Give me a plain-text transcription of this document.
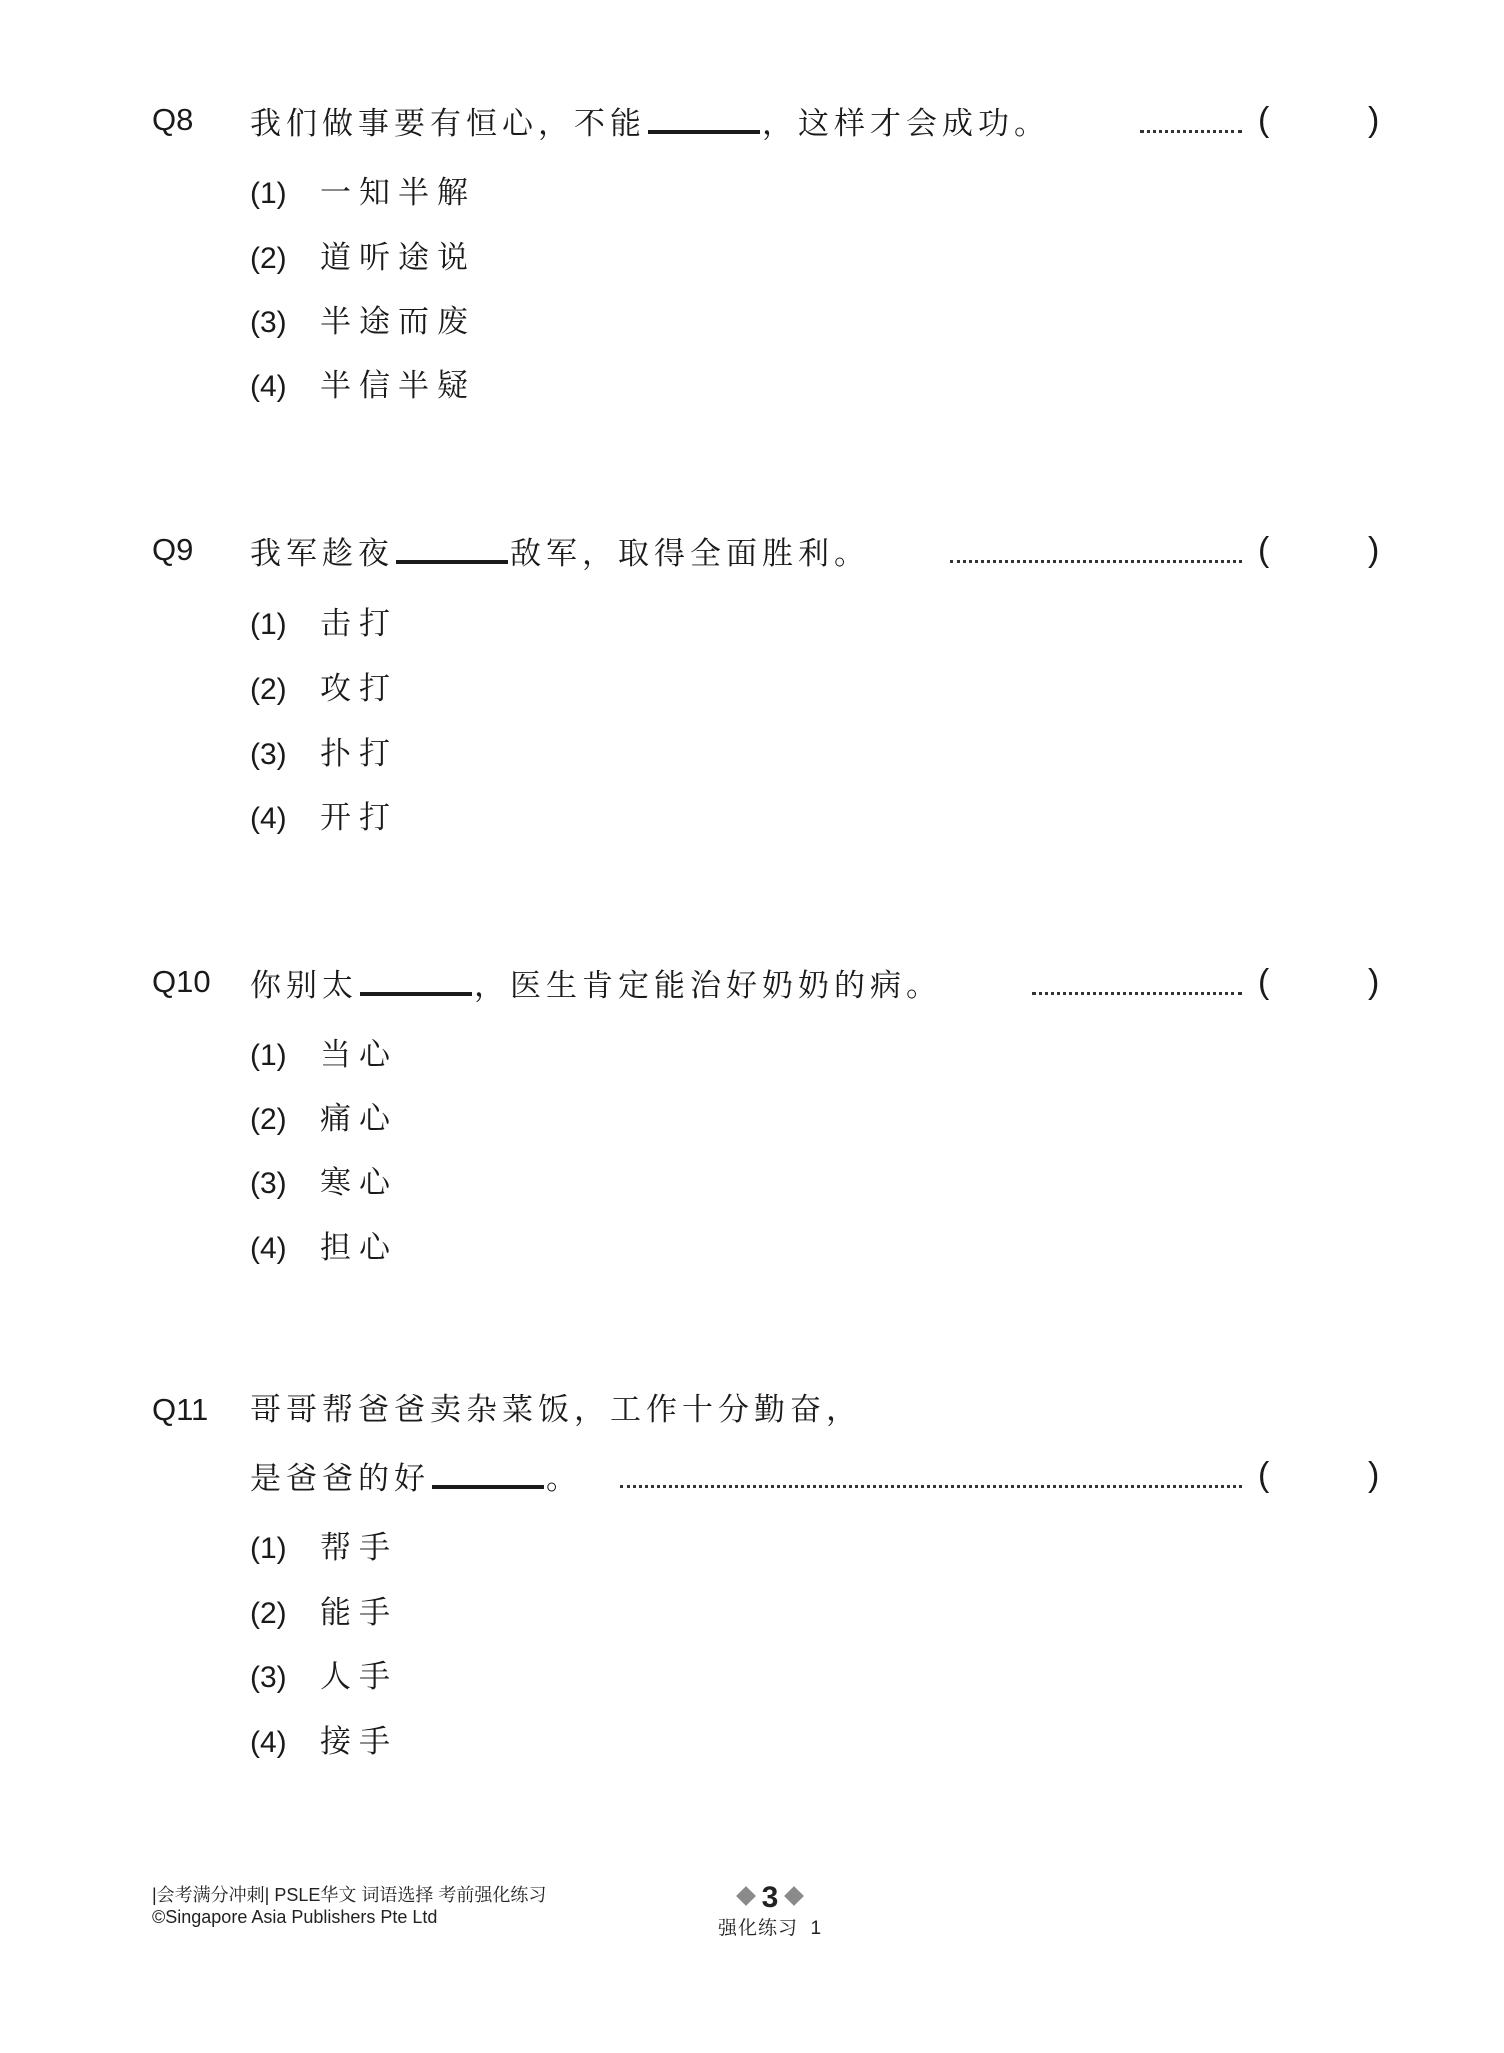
Q8 我们做事要有恒心，不能	，这样才会成功。	(	)
(1) 一知半解
(2) 道听途说
(3) 半途而废
(4) 半信半疑
Q9 我军趁夜	敌军，取得全面胜利。	(	)
(1) 击打
(2) 攻打
(3) 扑打
(4) 开打
Q10 你别太	，医生肯定能治好奶奶的病。	(	)
(1) 当心
(2) 痛心
(3) 寒心
(4) 担心
Q11 哥哥帮爸爸卖杂菜饭，工作十分勤奋，
是爸爸的好	。	(	)
(1) 帮手
(2) 能手
(3) 人手
(4) 接手
|会考满分冲刺| PSLE华文 词语选择 考前强化练习
©Singapore Asia Publishers Pte Ltd
3
强化练习  1
